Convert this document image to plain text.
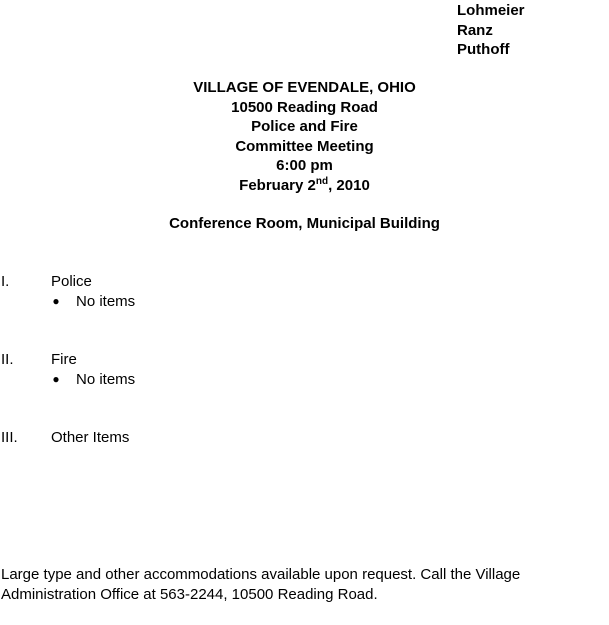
Lohmeier
Ranz
Puthoff
VILLAGE OF EVENDALE, OHIO
10500 Reading Road
Police and Fire
Committee Meeting
6:00 pm
February 2nd, 2010
Conference Room, Municipal Building
I.	Police
● No items
II. Fire
● No items
III. Other Items
Large type and other accommodations available upon request. Call the Village Administration Office at 563-2244, 10500 Reading Road.
